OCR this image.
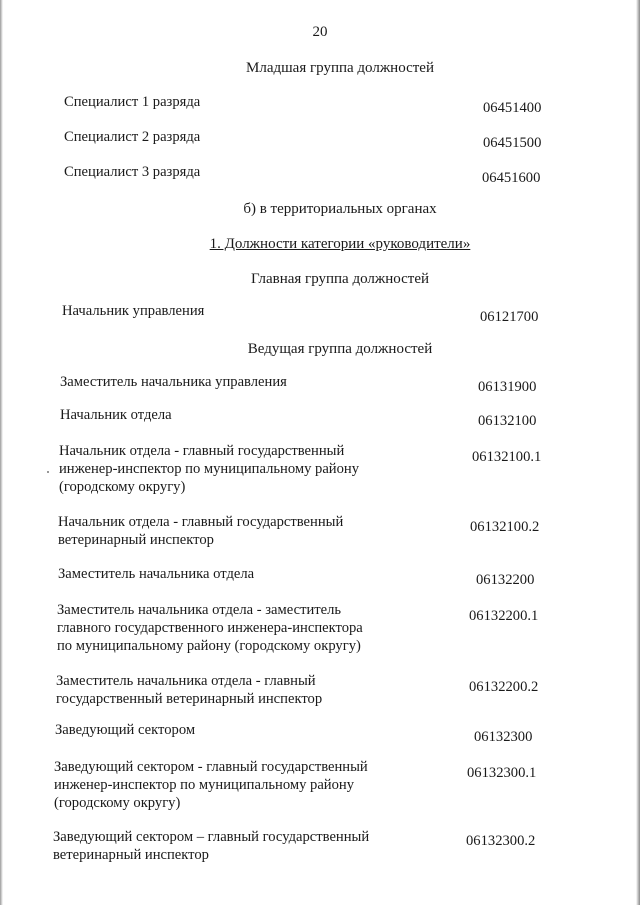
20
Младшая группа должностей
Специалист 1 разряда	06451400
Специалист 2 разряда	06451500
Специалист 3 разряда	06451600
б) в территориальных органах
1. Должности категории «руководители»
Главная группа должностей
Начальник управления	06121700
Ведущая группа должностей
Заместитель начальника управления	06131900
Начальник отдела	06132100
Начальник отдела - главный государственный
инженер-инспектор по муниципальному району
(городскому округу)
06132100.1
Начальник отдела - главный государственный
ветеринарный инспектор
06132100.2
Заместитель начальника отдела	06132200
Заместитель начальника отдела - заместитель
главного государственного инженера-инспектора
по муниципальному району (городскому округу)
06132200.1
Заместитель начальника отдела - главный
государственный ветеринарный инспектор
06132200.2
Заведующий сектором	06132300
Заведующий сектором - главный государственный
инженер-инспектор по муниципальному району
(городскому округу)
06132300.1
Заведующий сектором – главный государственный
ветеринарный инспектор
06132300.2
